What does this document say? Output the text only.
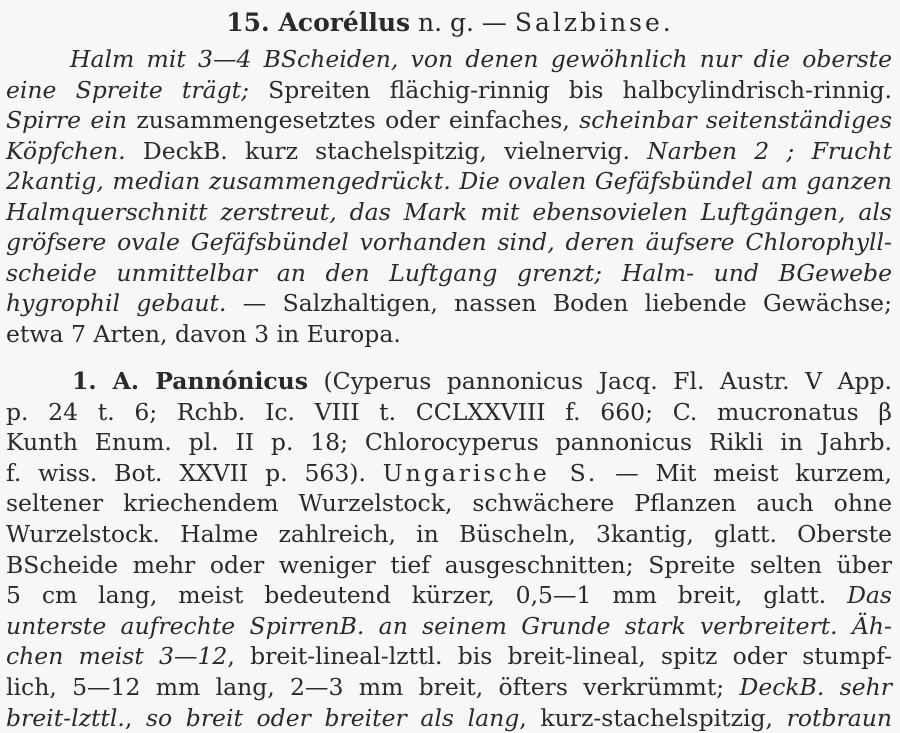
15. Acoréllus n. g. — Salzbinse.
Halm mit 3—4 BScheiden, von denen gewöhnlich nur die oberste
eine Spreite trägt; Spreiten flächig-rinnig bis halbcylindrisch-rinnig.
Spirre ein zusammengesetztes oder einfaches, scheinbar seitenständiges
Köpfchen. DeckB. kurz stachelspitzig, vielnervig. Narben 2 ; Frucht
2kantig, median zusammengedrückt. Die ovalen Gefäfsbündel am ganzen
Halmquerschnitt zerstreut, das Mark mit ebensovielen Luftgängen, als
gröfsere ovale Gefäfsbündel vorhanden sind, deren äufsere Chlorophyll-
scheide unmittelbar an den Luftgang grenzt; Halm- und BGewebe
hygrophil gebaut. — Salzhaltigen, nassen Boden liebende Gewächse;
etwa 7 Arten, davon 3 in Europa.
1. A. Pannónicus (Cyperus pannonicus Jacq. Fl. Austr. V App.
p. 24 t. 6; Rchb. Ic. VIII t. CCLXXVIII f. 660; C. mucronatus β
Kunth Enum. pl. II p. 18; Chlorocyperus pannonicus Rikli in Jahrb.
f. wiss. Bot. XXVII p. 563). Ungarische S. — Mit meist kurzem,
seltener kriechendem Wurzelstock, schwächere Pflanzen auch ohne
Wurzelstock. Halme zahlreich, in Büscheln, 3kantig, glatt. Oberste
BScheide mehr oder weniger tief ausgeschnitten; Spreite selten über
5 cm lang, meist bedeutend kürzer, 0,5—1 mm breit, glatt. Das
unterste aufrechte SpirrenB. an seinem Grunde stark verbreitert. Äh-
chen meist 3—12, breit-lineal-lzttl. bis breit-lineal, spitz oder stumpf-
lich, 5—12 mm lang, 2—3 mm breit, öfters verkrümmt; DeckB. sehr
breit-lzttl., so breit oder breiter als lang, kurz-stachelspitzig, rotbraun
